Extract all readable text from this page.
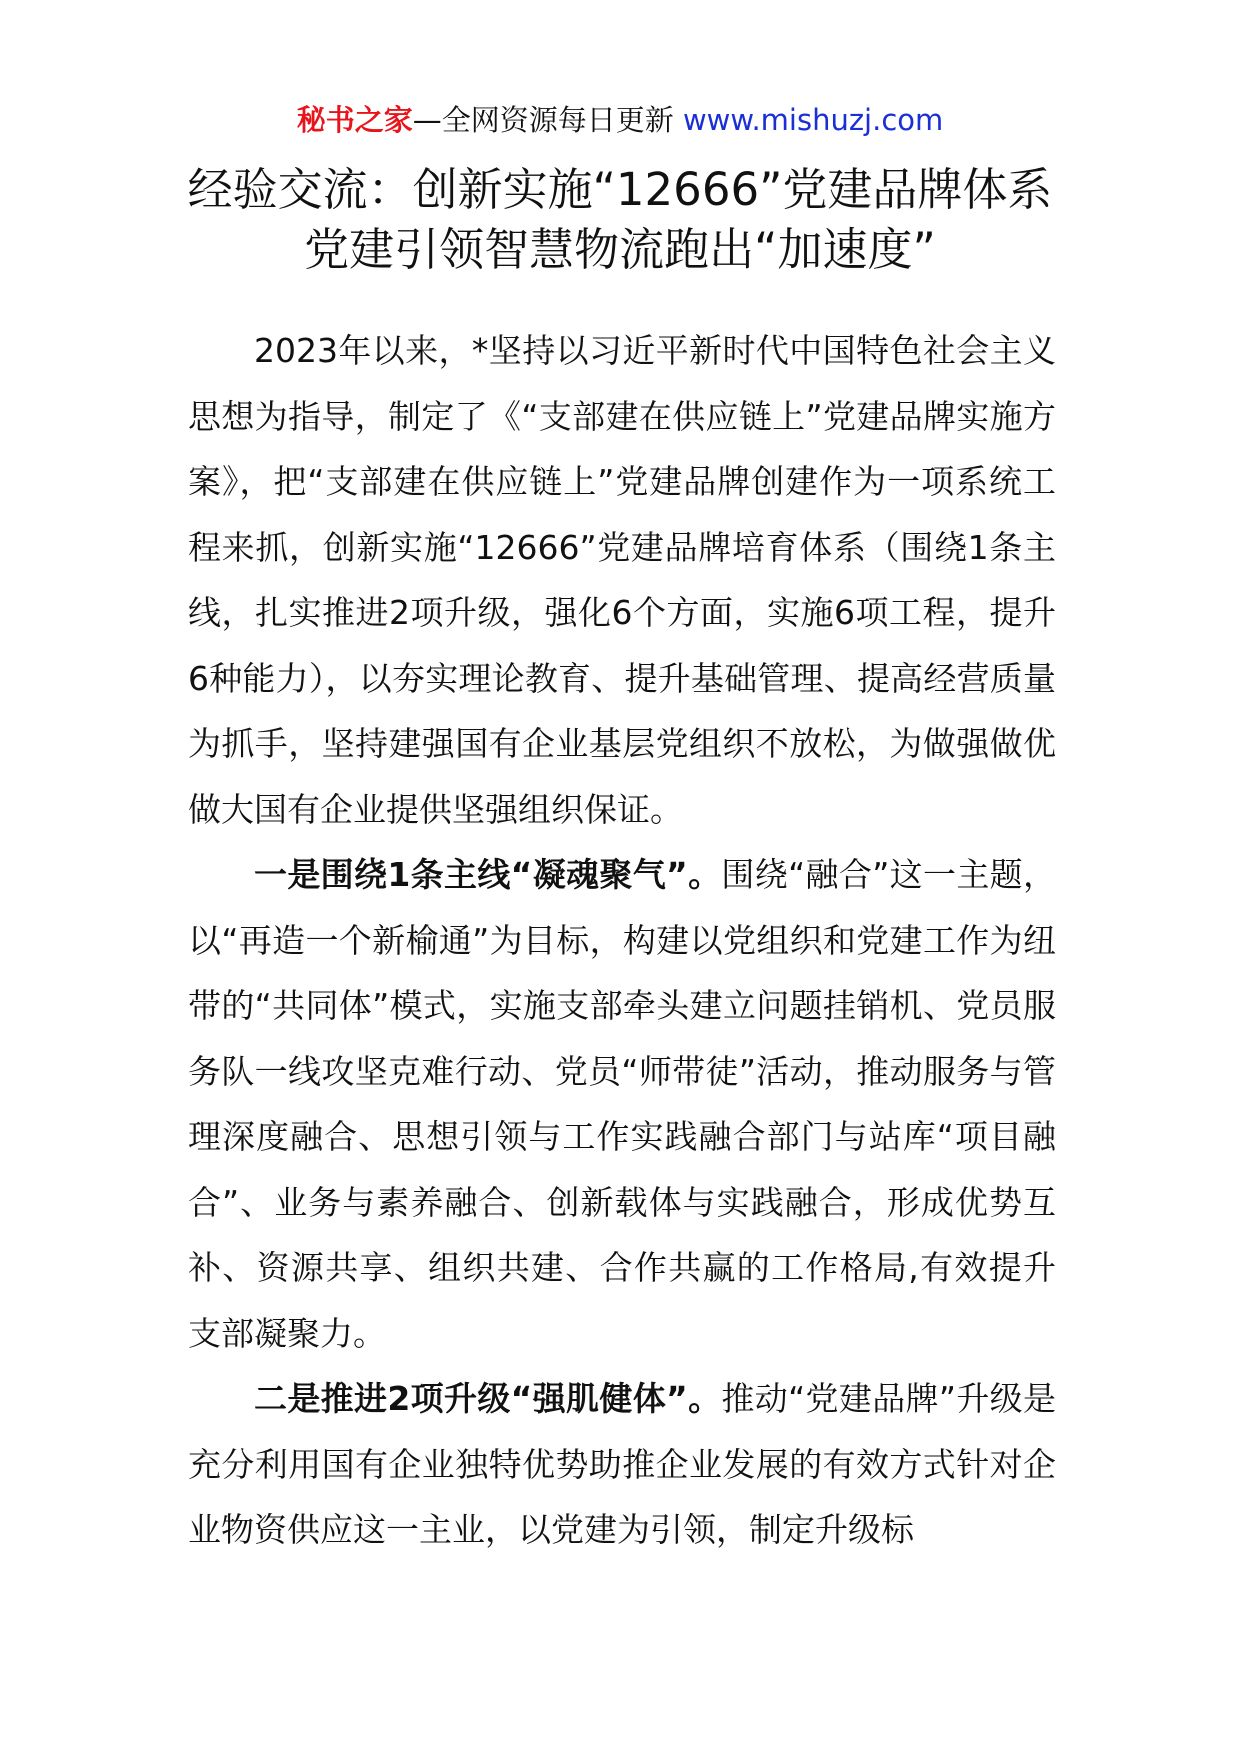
秘书之家—全网资源每日更新 www.mishuzj.com
经验交流：创新实施“12666”党建品牌体系党建引领智慧物流跑出“加速度”

2023年以来，*坚持以习近平新时代中国特色社会主义思想为指导，制定了《“支部建在供应链上”党建品牌实施方案》，把“支部建在供应链上”党建品牌创建作为一项系统工程来抓，创新实施“12666”党建品牌培育体系（围绕1条主线，扎实推进2项升级，强化6个方面，实施6项工程，提升6种能力），以夯实理论教育、提升基础管理、提高经营质量为抓手，坚持建强国有企业基层党组织不放松，为做强做优做大国有企业提供坚强组织保证。

一是围绕1条主线“凝魂聚气”。围绕“融合”这一主题，以“再造一个新榆通”为目标，构建以党组织和党建工作为纽带的“共同体”模式，实施支部牵头建立问题挂销机、党员服务队一线攻坚克难行动、党员“师带徒”活动，推动服务与管理深度融合、思想引领与工作实践融合部门与站库“项目融合”、业务与素养融合、创新载体与实践融合，形成优势互补、资源共享、组织共建、合作共赢的工作格局,有效提升支部凝聚力。

二是推进2项升级“强肌健体”。推动“党建品牌”升级是充分利用国有企业独特优势助推企业发展的有效方式针对企业物资供应这一主业，以党建为引领，制定升级标
